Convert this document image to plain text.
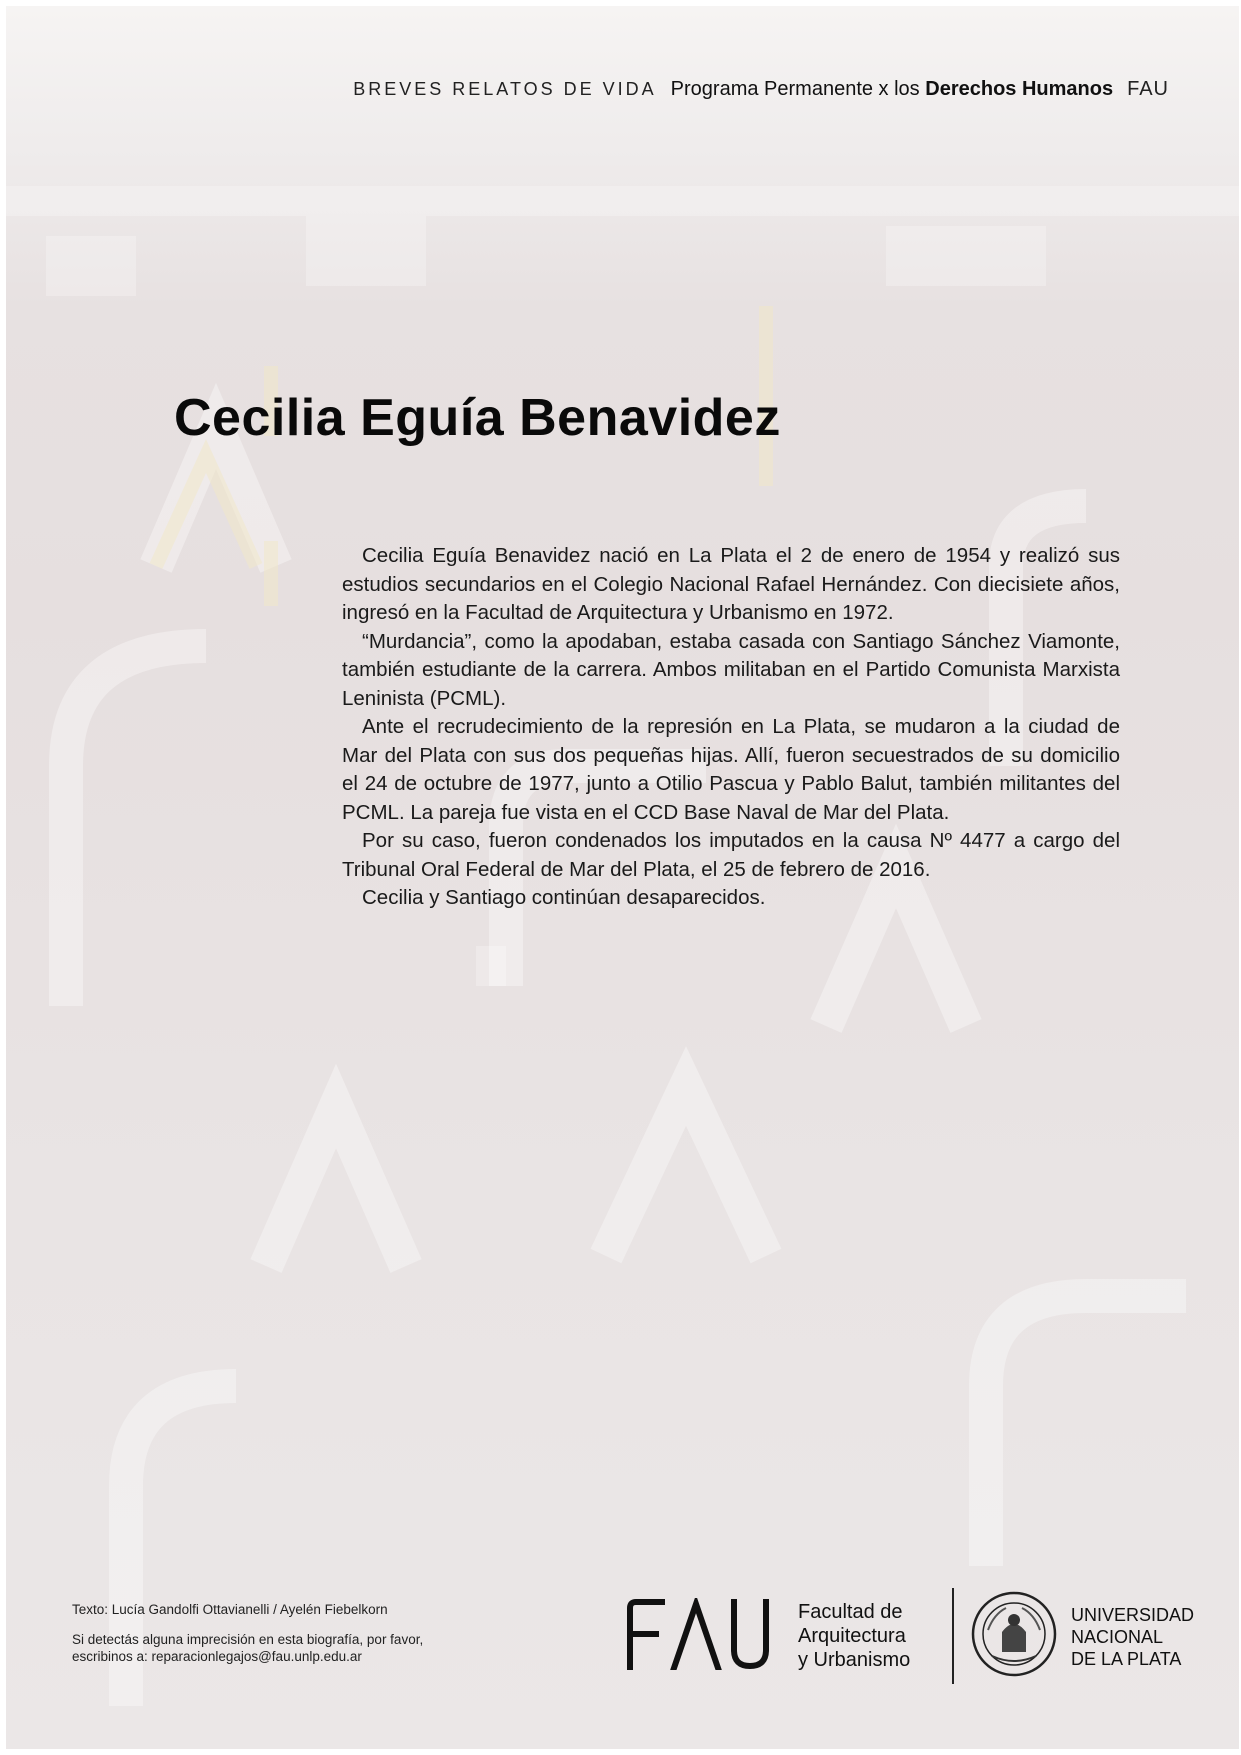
BREVES RELATOS DE VIDA Programa Permanente x los Derechos Humanos FAU
Cecilia Eguía Benavidez

Cecilia Eguía Benavidez nació en La Plata el 2 de enero de 1954 y realizó sus estudios secundarios en el Colegio Nacional Rafael Hernández. Con diecisiete años, ingresó en la Facultad de Arquitectura y Urbanismo en 1972.

“Murdancia”, como la apodaban, estaba casada con Santiago Sánchez Viamonte, también estudiante de la carrera. Ambos militaban en el Partido Comunista Marxista Leninista (PCML).

Ante el recrudecimiento de la represión en La Plata, se mudaron a la ciudad de Mar del Plata con sus dos pequeñas hijas. Allí, fueron secuestrados de su domicilio el 24 de octubre de 1977, junto a Otilio Pascua y Pablo Balut, también militantes del PCML. La pareja fue vista en el CCD Base Naval de Mar del Plata.

Por su caso, fueron condenados los imputados en la causa Nº 4477 a cargo del Tribunal Oral Federal de Mar del Plata, el 25 de febrero de 2016.

Cecilia y Santiago continúan desaparecidos.

Texto: Lucía Gandolfi Ottavianelli / Ayelén Fiebelkorn
Si detectás alguna imprecisión en esta biografía, por favor,
escribinos a: reparacionlegajos@fau.unlp.edu.ar
Facultad de
Arquitectura
y Urbanismo
UNIVERSIDAD
NACIONAL
DE LA PLATA
